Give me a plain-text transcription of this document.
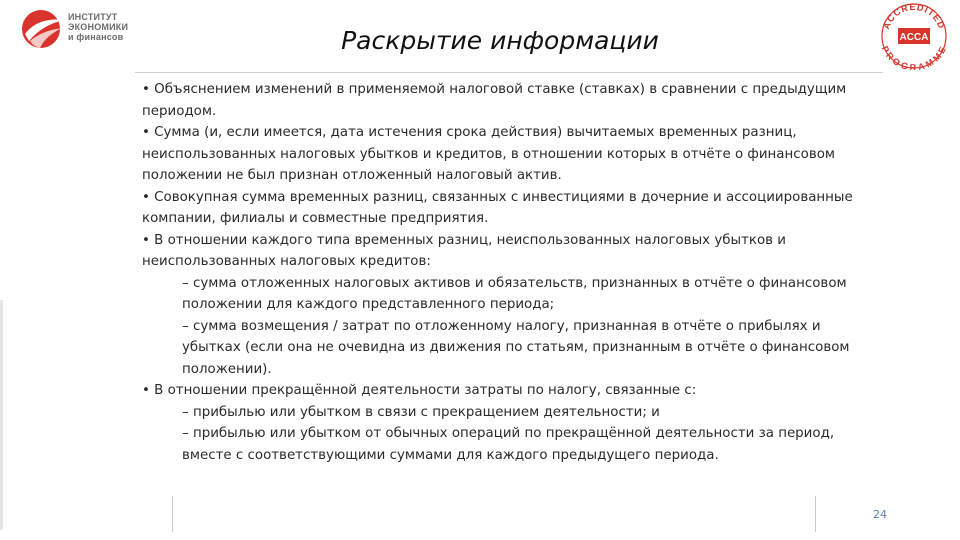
ИНСТИТУТ
ЭКОНОМИКИ
и финансов
ACCREDITED
PROGRAMME
ACCA
Раскрытие информации

• Объяснением изменений в применяемой налоговой ставке (ставках) в сравнении с предыдущим периодом.

• Сумма (и, если имеется, дата истечения срока действия) вычитаемых временных разниц, неиспользованных налоговых убытков и кредитов, в отношении которых в отчёте о финансовом положении не был признан отложенный налоговый актив.

• Совокупная сумма временных разниц, связанных с инвестициями в дочерние и ассоциированные компании, филиалы и совместные предприятия.

• В отношении каждого типа временных разниц, неиспользованных налоговых убытков и неиспользованных налоговых кредитов:

– сумма отложенных налоговых активов и обязательств, признанных в отчёте о финансовом положении для каждого представленного периода;

– сумма возмещения / затрат по отложенному налогу, признанная в отчёте о прибылях и убытках (если она не очевидна из движения по статьям, признанным в отчёте о финансовом положении).

• В отношении прекращённой деятельности затраты по налогу, связанные с:

– прибылью или убытком в связи с прекращением деятельности; и

– прибылью или убытком от обычных операций по прекращённой деятельности за период, вместе с соответствующими суммами для каждого предыдущего периода.

24
